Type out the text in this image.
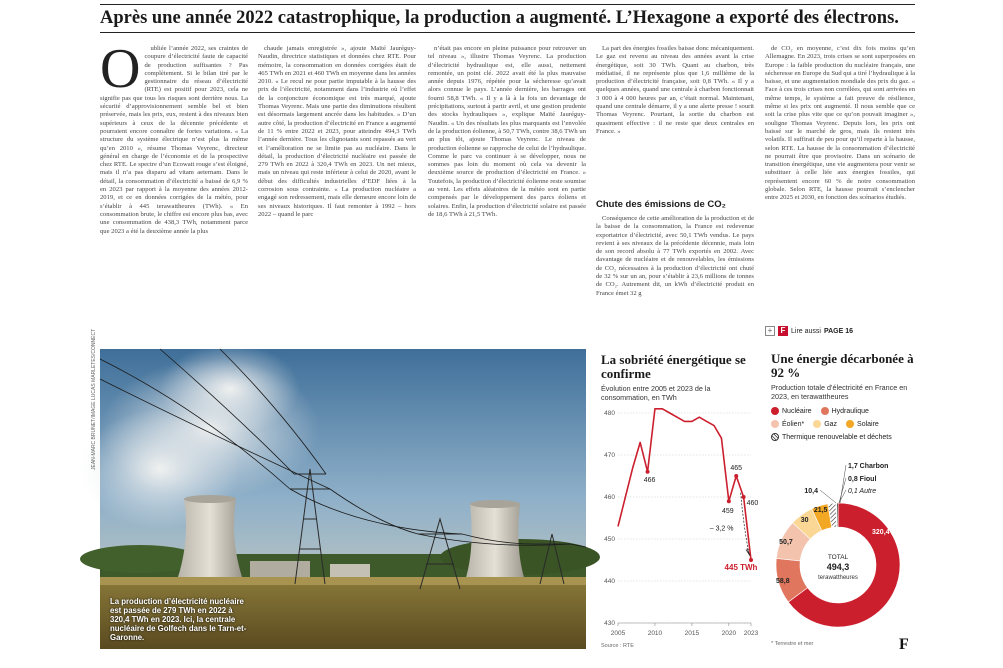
Après une année 2022 catastrophique, la production a augmenté. L’Hexagone a exporté des électrons.
O	ubliée l’année 2022, ses craintes de coupure d’électricité faute de capacité de production suffisantes ? Pas complètement. Si le bilan tiré par le gestionnaire du réseau d’électricité (RTE) est positif pour 2023, cela ne signifie pas que tous les risques sont derrière nous. La sécurité d’approvisionnement semble bel et bien préservée, mais les prix, eux, restent à des niveaux bien supérieurs à ceux de la décennie précédente et pourraient encore connaître de fortes variations. « La structure du système électrique n’est plus la même qu’en 2010 », résume Thomas Veyrenc, directeur général en charge de l’économie et de la prospective chez RTE. Le spectre d’un Ecowatt rouge s’est éloigné, mais il n’a pas disparu ad vitam aeternam. Dans le détail, la consommation d’électricité a baissé de 6,9 % en 2023 par rapport à la moyenne des années 2012-2019, et ce en données corrigées de la météo, pour s’établir à 445 terawattheures (TWh). « En consommation brute, le chiffre est encore plus bas, avec une consommation de 438,3 TWh, notamment parce que 2023 a été la deuxième année la plus

chaude jamais enregistrée », ajoute Maïté Jauréguy-Naudin, directrice statistiques et données chez RTE. Pour mémoire, la consommation en données corrigées était de 465 TWh en 2021 et 460 TWh en moyenne dans les années 2010. « Le recul ne pour partie imputable à la hausse des prix de l’électricité, notamment dans l’industrie où l’effet de la conjoncture économique est très marqué, ajoute Thomas Veyrenc. Mais une partie des diminutions résultent est désormais largement ancrée dans les habitudes. » D’un autre côté, la production d’électricité en France a augmenté de 11 % entre 2022 et 2023, pour atteindre 494,3 TWh l’année dernière. Tous les clignotants sont repassés au vert et l’amélioration ne se limite pas au nucléaire. Dans le détail, la production d’électricité nucléaire est passée de 279 TWh en 2022 à 320,4 TWh en 2023. Un net mieux, mais un niveau qui reste inférieur à celui de 2020, avant le début des difficultés industrielles d’EDF liées à la corrosion sous contrainte. « La production nucléaire a engagé son redressement, mais elle demeure encore loin de ses niveaux historiques. Il faut remonter à 1992 – hors 2022 – quand le parc

n’était pas encore en pleine puissance pour retrouver un tel niveau », illustre Thomas Veyrenc. La production d’électricité hydraulique est, elle aussi, nettement remontée, un point clé. 2022 avait été la plus mauvaise année depuis 1976, répétée pour la sécheresse qu’avait alors connue le pays. L’année dernière, les barrages ont fourni 58,8 TWh. « Il y a là à la fois un devantage de précipitations, surtout à partir avril, et une gestion prudente des stocks hydrauliques », explique Maïté Jauréguy-Naudin. « Un des résultats les plus marquants est l’envolée de la production éolienne, à 50,7 TWh, contre 38,6 TWh un an plus tôt, ajoute Thomas Veyrenc. Le niveau de production éolienne se rapproche de celui de l’hydraulique. Comme le parc va continuer à se développer, nous ne sommes pas loin du moment où cela va devenir la deuxième source de production d’électricité en France. » Toutefois, la production d’électricité éolienne reste soumise au vent. Les effets aléatoires de la météo sont en partie compensés par le développement des parcs éoliens et solaires. Enfin, la production d’électricité solaire est passée de 18,6 TWh à 21,5 TWh.

La part des énergies fossiles baisse donc mécaniquement. Le gaz est revenu au niveau des années avant la crise énergétique, soit 30 TWh. Quant au charbon, très médiatisé, il ne représente plus que 1,6 millième de la production d’électricité française, soit 0,8 TWh. « Il y a quelques années, quand une centrale à charbon fonctionnait 3 000 à 4 000 heures par an, c’était normal. Maintenant, quand une centrale démarre, il y a une alerte presse ! sourit Thomas Veyrenc. Pourtant, la sortie du charbon est quasiment effective : il ne reste que deux centrales en France. »

Chute des émissions de CO₂

Conséquence de cette amélioration de la production et de la baisse de la consommation, la France est redevenue exportatrice d’électricité, avec 50,1 TWh vendus. Le pays revient à ses niveaux de la précédente décennie, mais loin de son record absolu à 77 TWh exportés en 2002. Avec davantage de nucléaire et de renouvelables, les émissions de CO₂ nécessaires à la production d’électricité ont chuté de 32 % sur un an, pour s’établir à 23,6 millions de tonnes de CO₂. Autrement dit, un kWh d’électricité produit en France émet 32 g

de CO₂ en moyenne, c’est dix fois moins qu’en Allemagne. En 2023, trois crises se sont superposées en Europe : la faible production du nucléaire français, une sécheresse en Europe du Sud qui a tiré l’hydraulique à la baisse, et une augmentation mondiale des prix du gaz. « Face à ces trois crises non corrélées, qui sont arrivées en même temps, le système a fait preuve de résilience, même si les prix ont augmenté. Il nous semble que ce soit la crise plus vite que ce qu’on pouvait imaginer », souligne Thomas Veyrenc. Depuis lors, les prix ont baissé sur le marché de gros, mais ils restent très volatils. Il suffirait de peu pour qu’il reparte à la hausse, selon RTE. La hausse de la consommation d’électricité ne pourrait être que provisoire. Dans un scénario de transition énergétique, une vie augmentera pour venir se substituer à celle liée aux énergies fossiles, qui représentent encore 60 % de notre consommation globale. Selon RTE, la hausse pourrait s’enclencher entre 2025 et 2030, en fonction des scénarios étudiés.

+	F Lire aussi PAGE 16
JEAN-MARC BRUNET/IMAGE LUCAS MARLETES/CONNECT
La production d’électricité nucléaire est passée de 279 TWh en 2022 à 320,4 TWh en 2023. Ici, la centrale nucléaire de Golfech dans le Tarn-et-Garonne.
La sobriété énergétique se confirme
Évolution entre 2005 et 2023 de la consommation, en TWh
430
440
450
460
470
480
2005	2010	2015	2020 2023
466
459
465
460
445 TWh
– 3,2 %
Source : RTE
Une énergie décarbonée à 92 %
Production totale d’électricité en France en 2023, en terawattheures
Nucléaire	Hydraulique
Éolien*	Gaz	Solaire
Thermique renouvelable et déchets
320,4
58,8
50,7
30
21,5
10,4	0,1 Autre
0,8 Fioul
1,7 Charbon
TOTAL
494,3
terawattheures
* Terrestre et mer	F
